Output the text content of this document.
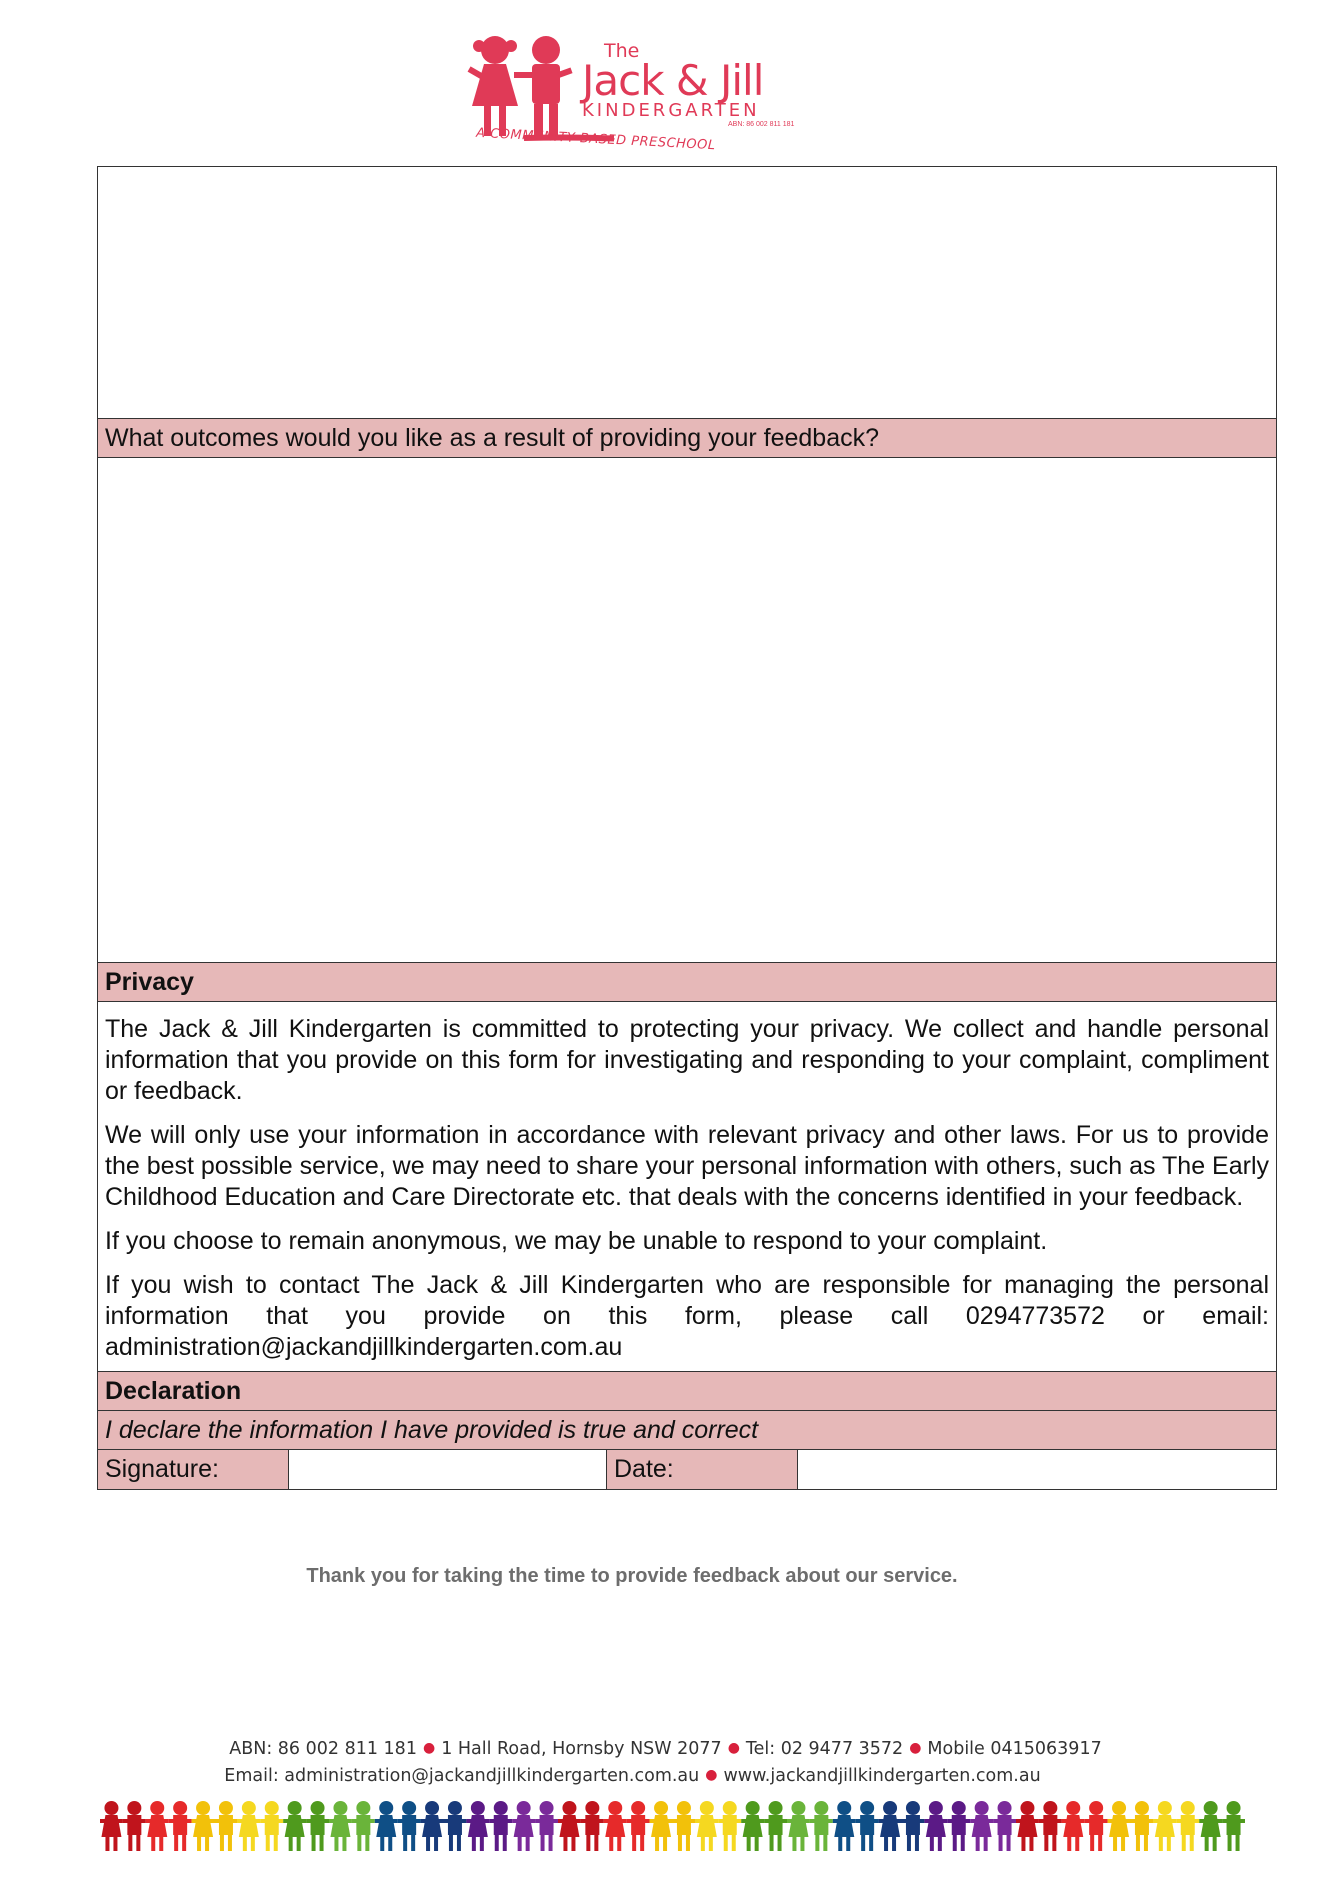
The
Jack & Jill
KINDERGARTEN
ABN: 86 002 811 181
A COMMUNITY BASED PRESCHOOL
What outcomes would you like as a result of providing your feedback?
Privacy

The Jack & Jill Kindergarten is committed to protecting your privacy. We collect and handle personal information that you provide on this form for investigating and responding to your complaint, compliment or feedback.

We will only use your information in accordance with relevant privacy and other laws. For us to provide the best possible service, we may need to share your personal information with others, such as The Early Childhood Education and Care Directorate etc. that deals with the concerns identified in your feedback.

If you choose to remain anonymous, we may be unable to respond to your complaint.

If you wish to contact The Jack & Jill Kindergarten who are responsible for managing the personal information that you provide on this form, please call 0294773572 or email: administration@jackandjillkindergarten.com.au

Declaration
I declare the information I have provided is true and correct
Signature:	Date:
Thank you for taking the time to provide feedback about our service.
ABN: 86 002 811 181 ● 1 Hall Road, Hornsby NSW 2077 ● Tel: 02 9477 3572 ● Mobile 0415063917
Email: administration@jackandjillkindergarten.com.au ● www.jackandjillkindergarten.com.au
